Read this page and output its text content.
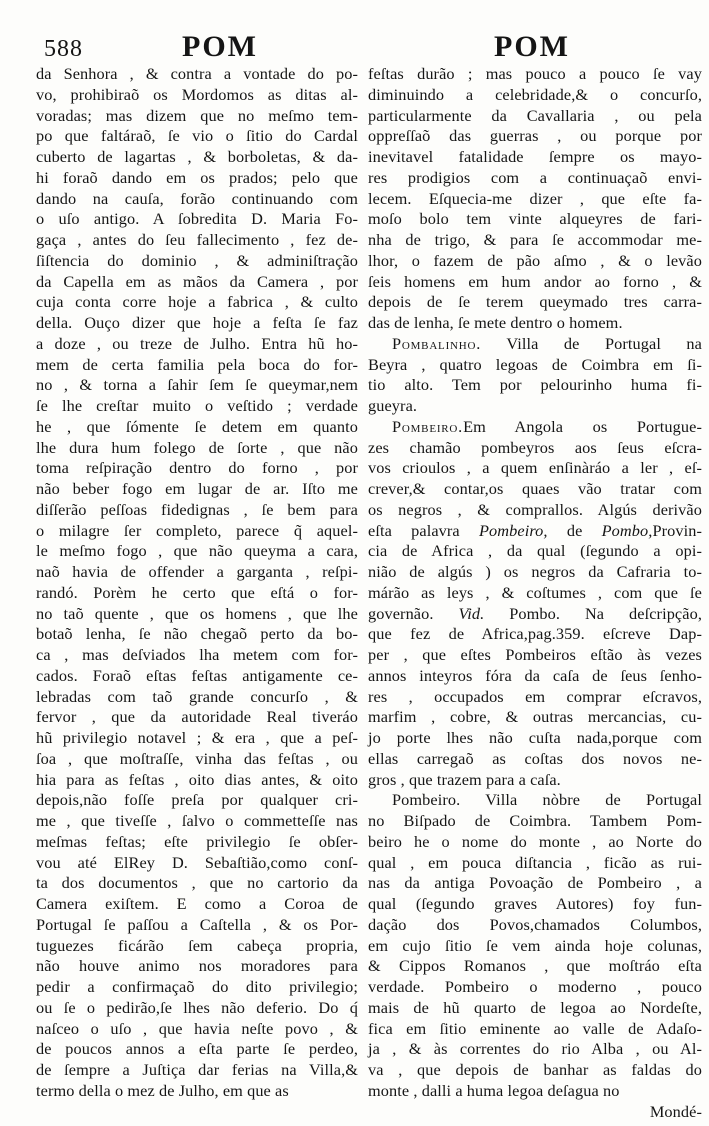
588	POM	POM
da Senhora , & contra a vontade do po-
vo, prohibiraõ os Mordomos as ditas al-
voradas; mas dizem que no meſmo tem-
po que faltáraõ, ſe vio o ſitio do Cardal
cuberto de lagartas , & borboletas, & da-
hi foraõ dando em os prados; pelo que
dando na cauſa, forão continuando com
o uſo antigo. A ſobredita D. Maria Fo-
gaça , antes do ſeu fallecimento , fez de-
ſiſtencia do dominio , & adminiſtração
da Capella em as mãos da Camera , por
cuja conta corre hoje a fabrica , & culto
della. Ouço dizer que hoje a feſta ſe faz
a doze , ou treze de Julho. Entra hũ ho-
mem de certa familia pela boca do for-
no , & torna a ſahir ſem ſe queymar,nem
ſe lhe creſtar muito o veſtido ; verdade
he , que ſómente ſe detem em quanto
lhe dura hum folego de ſorte , que não
toma reſpiração dentro do forno , por
não beber fogo em lugar de ar. Iſto me
diſſerão peſſoas fidedignas , ſe bem para
o milagre ſer completo, parece q̃ aquel-
le meſmo fogo , que não queyma a cara,
naõ havia de offender a garganta , reſpi-
randó. Porèm he certo que eſtá o for-
no taõ quente , que os homens , que lhe
botaõ lenha, ſe não chegaõ perto da bo-
ca , mas deſviados lha metem com for-
cados. Foraõ eſtas feſtas antigamente ce-
lebradas com taõ grande concurſo , &
fervor , que da autoridade Real tiveráo
hũ privilegio notavel ; & era , que a peſ-
ſoa , que moſtraſſe, vinha das feſtas , ou
hia para as feſtas , oito dias antes, & oito
depois,não foſſe preſa por qualquer cri-
me , que tiveſſe , ſalvo o commetteſſe nas
meſmas feſtas; eſte privilegio ſe obſer-
vou até ElRey D. Sebaſtião,como conſ-
ta dos documentos , que no cartorio da
Camera exiſtem. E como a Coroa de
Portugal ſe paſſou a Caſtella , & os Por-
tuguezes ficárão ſem cabeça propria,
não houve animo nos moradores para
pedir a confirmaçaõ do dito privilegio;
ou ſe o pedirão,ſe lhes não deferio. Do q́
naſceo o uſo , que havia neſte povo , &
de poucos annos a eſta parte ſe perdeo,
de ſempre a Juſtiça dar ferias na Villa,&
termo della o mez de Julho, em que as
feſtas durão ; mas pouco a pouco ſe vay
diminuindo a celebridade,& o concurſo,
particularmente da Cavallaria , ou pela
oppreſſaõ das guerras , ou porque por
inevitavel fatalidade ſempre os mayo-
res prodigios com a continuaçaõ envi-
lecem. Eſquecia-me dizer , que eſte fa-
moſo bolo tem vinte alqueyres de fari-
nha de trigo, & para ſe accommodar me-
lhor, o fazem de pão aſmo , & o levão
ſeis homens em hum andor ao forno , &
depois de ſe terem queymado tres carra-
das de lenha, ſe mete dentro o homem.
Pombalinho. Villa de Portugal na
Beyra , quatro legoas de Coimbra em ſi-
tio alto. Tem por pelourinho huma fi-
gueyra.
Pombeiro.Em Angola os Portugue-
zes chamão pombeyros aos ſeus eſcra-
vos crioulos , a quem enſinàráo a ler , eſ-
crever,& contar,os quaes vão tratar com
os negros , & comprallos. Algús derivão
eſta palavra Pombeiro, de Pombo,Provin-
cia de Africa , da qual (ſegundo a opi-
nião de algús ) os negros da Cafraria to-
márão as leys , & coſtumes , com que ſe
governão. Vid. Pombo. Na deſcripção,
que fez de Africa,pag.359. eſcreve Dap-
per , que eſtes Pombeiros eſtão às vezes
annos inteyros fóra da caſa de ſeus ſenho-
res , occupados em comprar eſcravos,
marfim , cobre, & outras mercancias, cu-
jo porte lhes não cuſta nada,porque com
ellas carregaõ as coſtas dos novos ne-
gros , que trazem para a caſa.
Pombeiro. Villa nòbre de Portugal
no Biſpado de Coimbra. Tambem Pom-
beiro he o nome do monte , ao Norte do
qual , em pouca diſtancia , ficão as rui-
nas da antiga Povoação de Pombeiro , a
qual (ſegundo graves Autores) foy fun-
dação dos Povos,chamados Columbos,
em cujo ſitio ſe vem ainda hoje colunas,
& Cippos Romanos , que moſtráo eſta
verdade. Pombeiro o moderno , pouco
mais de hũ quarto de legoa ao Nordeſte,
fica em ſitio eminente ao valle de Adaſo-
ja , & às correntes do rio Alba , ou Al-
va , que depois de banhar as faldas do
monte , dalli a huma legoa deſagua no
Mondé-
